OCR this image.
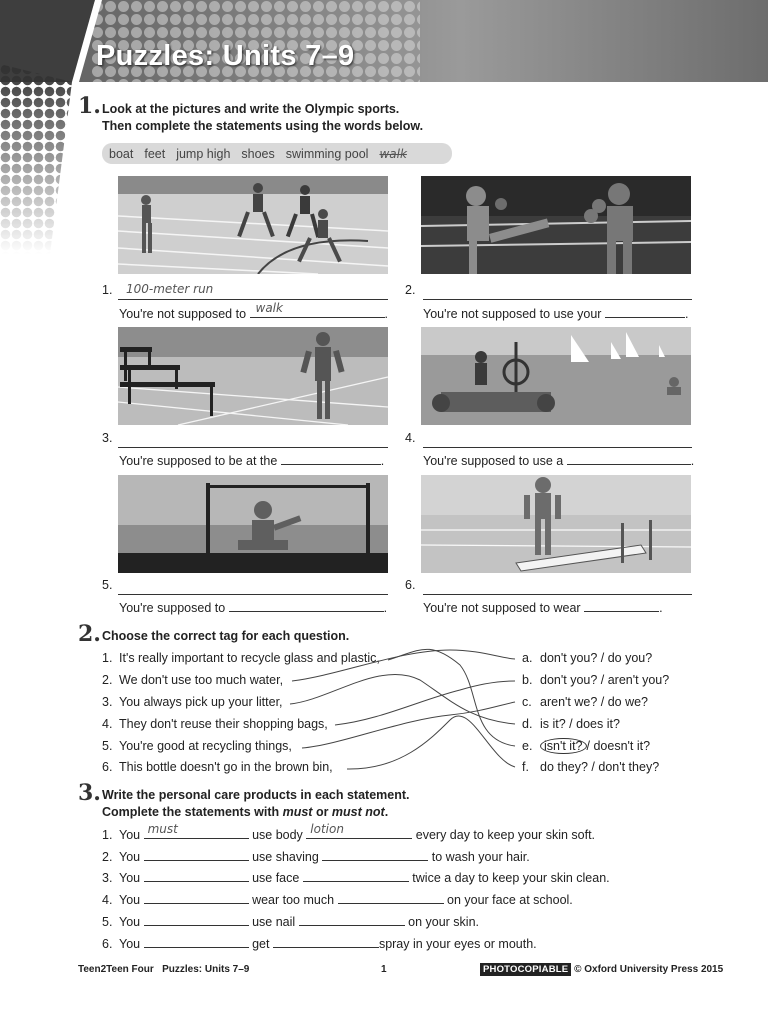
Puzzles: Units 7–9
1. Look at the pictures and write the Olympic sports.
Then complete the statements using the words below.
boat feet jump high shoes swimming pool walk
1. 100-meter run
You're not supposed to walk	.
2.
You're not supposed to use your	.
3.
You're supposed to be at the	.
4.
You're supposed to use a	.
5.
You're supposed to	.
6.
You're not supposed to wear	.
2. Choose the correct tag for each question.
1. It's really important to recycle glass and plastic,
2. We don't use too much water,
3. You always pick up your litter,
4. They don't reuse their shopping bags,
5. You're good at recycling things,
6. This bottle doesn't go in the brown bin,
a. don't you? / do you?
b. don't you? / aren't you?
c. aren't we? / do we?
d. is it? / does it?
e. isn't it? / doesn't it?
f. do they? / don't they?
3. Write the personal care products in each statement.
Complete the statements with must or must not.
1. You must	use body lotion	every day to keep your skin soft.
2. You	use shaving	to wash your hair.
3. You	use face	twice a day to keep your skin clean.
4. You	wear too much	on your face at school.
5. You	use nail	on your skin.
6. You	get	spray in your eyes or mouth.
Teen2Teen Four Puzzles: Units 7–9	1	PHOTOCOPIABLE © Oxford University Press 2015
